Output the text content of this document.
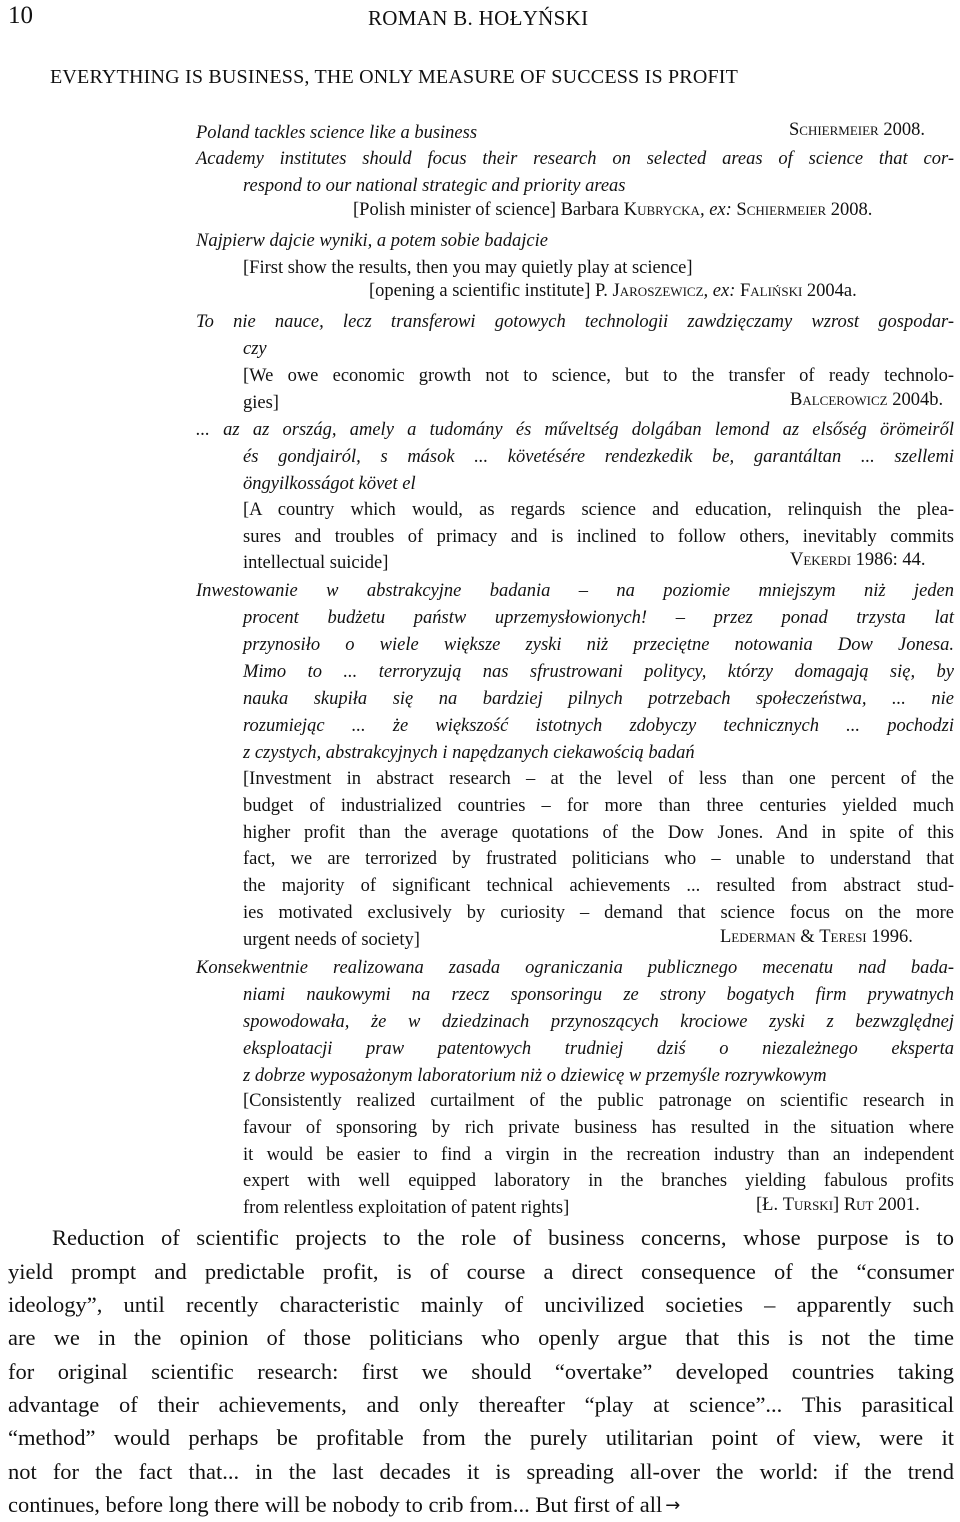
10	ROMAN B. HOŁYŃSKI
EVERYTHING IS BUSINESS, THE ONLY MEASURE OF SUCCESS IS PROFIT
Poland tackles science like a business	Schiermeier 2008.
Academy institutes should focus their research on selected areas of science that cor-
respond to our national strategic and priority areas
[Polish minister of science] Barbara Kubrycka, ex: Schiermeier 2008.
Najpierw dajcie wyniki, a potem sobie badajcie
[First show the results, then you may quietly play at science]
[opening a scientific institute] P. Jaroszewicz, ex: Faliński 2004a.
To nie nauce, lecz transferowi gotowych technologii zawdzięczamy wzrost gospodar-
czy
[We owe economic growth not to science, but to the transfer of ready technolo-
gies]	Balcerowicz 2004b.
... az az ország, amely a tudomány és műveltség dolgában lemond az elsőség örömeiről
és gondjairól, s mások ... követésére rendezkedik be, garantáltan ... szellemi
öngyilkosságot követ el
[A country which would, as regards science and education, relinquish the plea-
sures and troubles of primacy and is inclined to follow others, inevitably commits
intellectual suicide]	Vekerdi 1986: 44.
Inwestowanie w abstrakcyjne badania – na poziomie mniejszym niż jeden
procent budżetu państw uprzemysłowionych! – przez ponad trzysta lat
przynosiło o wiele większe zyski niż przeciętne notowania Dow Jonesa.
Mimo to ... terroryzują nas sfrustrowani politycy, którzy domagają się, by
nauka skupiła się na bardziej pilnych potrzebach społeczeństwa, ... nie
rozumiejąc ... że większość istotnych zdobyczy technicznych ... pochodzi
z czystych, abstrakcyjnych i napędzanych ciekawością badań
[Investment in abstract research – at the level of less than one percent of the
budget of industrialized countries – for more than three centuries yielded much
higher profit than the average quotations of the Dow Jones. And in spite of this
fact, we are terrorized by frustrated politicians who – unable to understand that
the majority of significant technical achievements ... resulted from abstract stud-
ies motivated exclusively by curiosity – demand that science focus on the more
urgent needs of society]	Lederman & Teresi 1996.
Konsekwentnie realizowana zasada ograniczania publicznego mecenatu nad bada-
niami naukowymi na rzecz sponsoringu ze strony bogatych firm prywatnych
spowodowała, że w dziedzinach przynoszących krociowe zyski z bezwzględnej
eksploatacji praw patentowych trudniej dziś o niezależnego eksperta
z dobrze wyposażonym laboratorium niż o dziewicę w przemyśle rozrywkowym
[Consistently realized curtailment of the public patronage on scientific research in
favour of sponsoring by rich private business has resulted in the situation where
it would be easier to find a virgin in the recreation industry than an independent
expert with well equipped laboratory in the branches yielding fabulous profits
from relentless exploitation of patent rights]	[Ł. Turski] Rut 2001.
Reduction of scientific projects to the role of business concerns, whose purpose is to
yield prompt and predictable profit, is of course a direct consequence of the “consumer
ideology”, until recently characteristic mainly of uncivilized societies – apparently such
are we in the opinion of those politicians who openly argue that this is not the time
for original scientific research: first we should “overtake” developed countries taking
advantage of their achievements, and only thereafter “play at science”... This parasitical
“method” would perhaps be profitable from the purely utilitarian point of view, were it
not for the fact that... in the last decades it is spreading all-over the world: if the trend
continues, before long there will be nobody to crib from... But first of all →
